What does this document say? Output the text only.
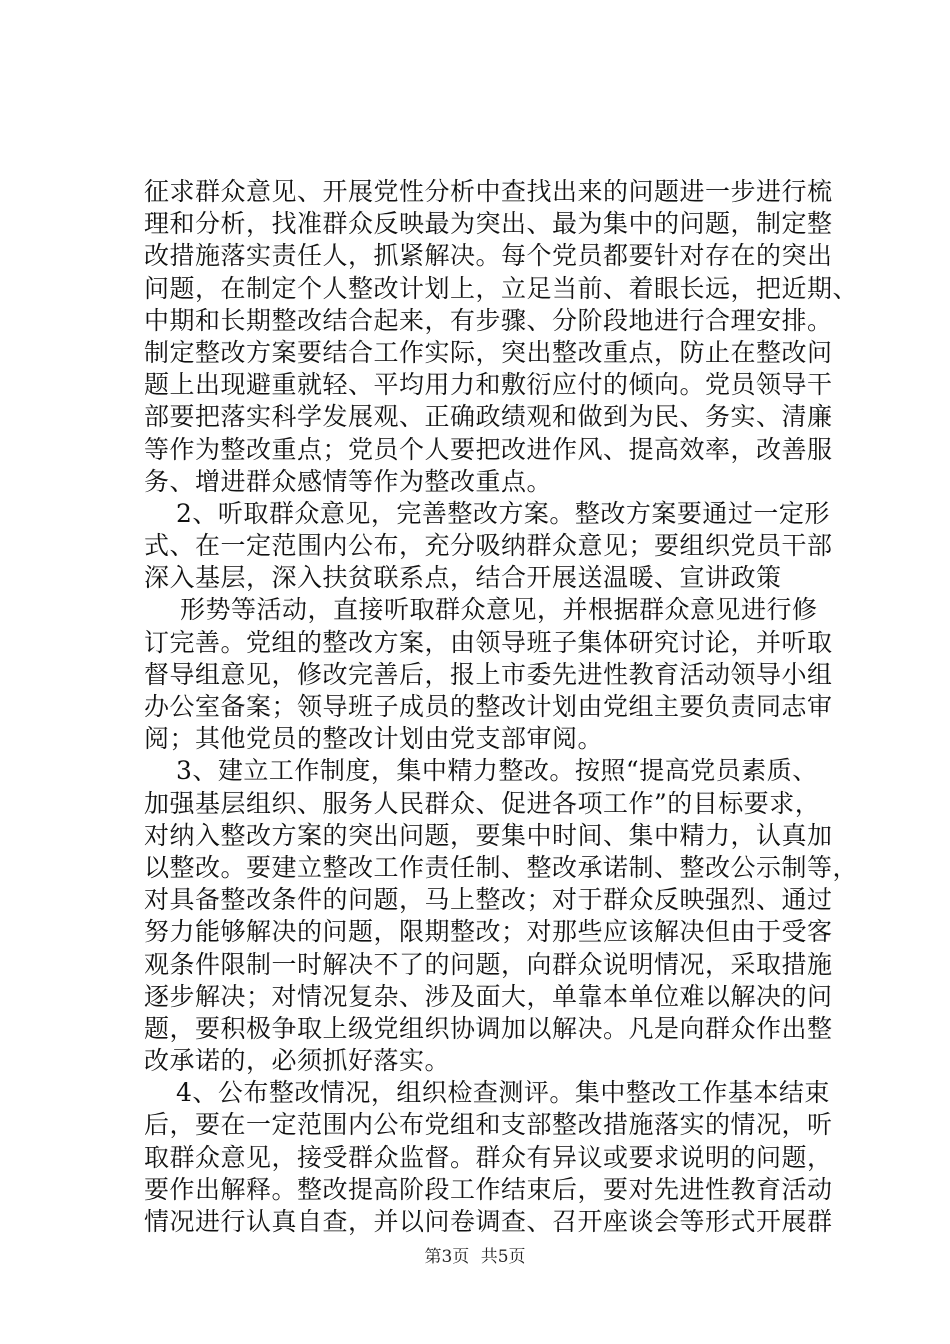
征求群众意见、开展党性分析中查找出来的问题进一步进行梳
理和分析，找准群众反映最为突出、最为集中的问题，制定整
改措施落实责任人，抓紧解决。每个党员都要针对存在的突出
问题，在制定个人整改计划上，立足当前、着眼长远，把近期、
中期和长期整改结合起来，有步骤、分阶段地进行合理安排。
制定整改方案要结合工作实际，突出整改重点，防止在整改问
题上出现避重就轻、平均用力和敷衍应付的倾向。党员领导干
部要把落实科学发展观、正确政绩观和做到为民、务实、清廉
等作为整改重点；党员个人要把改进作风、提高效率，改善服
务、增进群众感情等作为整改重点。
2、听取群众意见，完善整改方案。整改方案要通过一定形
式、在一定范围内公布，充分吸纳群众意见；要组织党员干部
深入基层，深入扶贫联系点，结合开展送温暖、宣讲政策
形势等活动，直接听取群众意见，并根据群众意见进行修
订完善。党组的整改方案，由领导班子集体研究讨论，并听取
督导组意见，修改完善后，报上市委先进性教育活动领导小组
办公室备案；领导班子成员的整改计划由党组主要负责同志审
阅；其他党员的整改计划由党支部审阅。
3、建立工作制度，集中精力整改。按照“提高党员素质、
加强基层组织、服务人民群众、促进各项工作”的目标要求，
对纳入整改方案的突出问题，要集中时间、集中精力，认真加
以整改。要建立整改工作责任制、整改承诺制、整改公示制等，
对具备整改条件的问题，马上整改；对于群众反映强烈、通过
努力能够解决的问题，限期整改；对那些应该解决但由于受客
观条件限制一时解决不了的问题，向群众说明情况，采取措施
逐步解决；对情况复杂、涉及面大，单靠本单位难以解决的问
题，要积极争取上级党组织协调加以解决。凡是向群众作出整
改承诺的，必须抓好落实。
4、公布整改情况，组织检查测评。集中整改工作基本结束
后，要在一定范围内公布党组和支部整改措施落实的情况，听
取群众意见，接受群众监督。群众有异议或要求说明的问题，
要作出解释。整改提高阶段工作结束后，要对先进性教育活动
情况进行认真自查，并以问卷调查、召开座谈会等形式开展群
第3页 共5页
